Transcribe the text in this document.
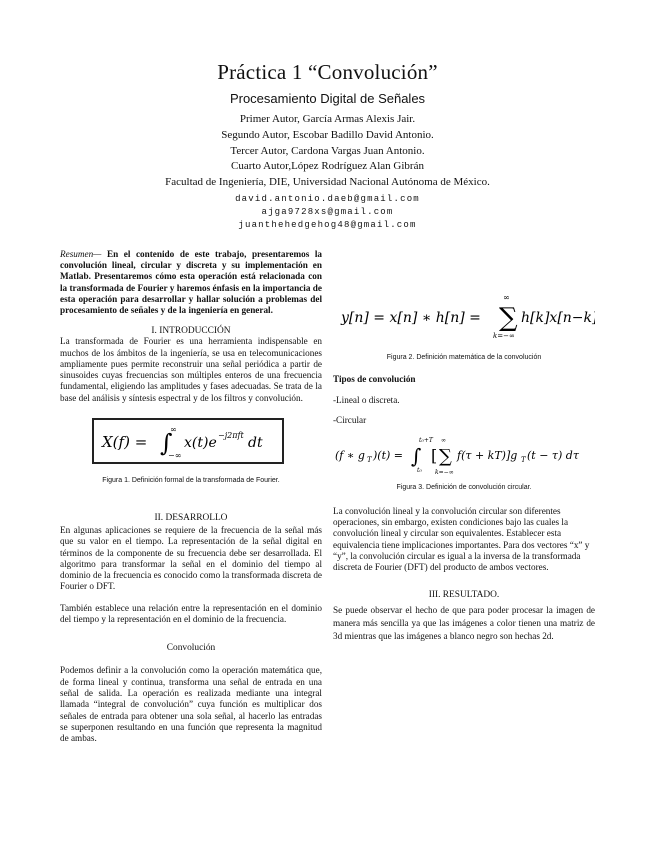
Práctica 1 “Convolución”
Procesamiento Digital de Señales
Primer Autor, García Armas Alexis Jair.
Segundo Autor, Escobar Badillo David Antonio.
Tercer Autor, Cardona Vargas Juan Antonio.
Cuarto Autor,López Rodríguez Alan Gibrán
Facultad de Ingeniería, DIE, Universidad Nacional Autónoma de México.
david.antonio.daeb@gmail.com
ajga9728xs@gmail.com
juanthehedgehog48@gmail.com
Resumen— En el contenido de este trabajo, presentaremos la convolución lineal, circular y discreta y su implementación en Matlab. Presentaremos cómo esta operación está relacionada con la transformada de Fourier y haremos énfasis en la importancia de esta operación para desarrollar y hallar solución a problemas del procesamiento de señales y de la ingeniería en general.
I. INTRODUCCIÓN

La transformada de Fourier es una herramienta indispensable en muchos de los ámbitos de la ingeniería, se usa en telecomunicaciones ampliamente pues permite reconstruir una señal periódica a partir de sinusoides cuyas frecuencias son múltiples enteros de una frecuencia fundamental, eligiendo las amplitudes y fases adecuadas. Se trata de la base del análisis y síntesis espectral y de los filtros y convolución.

X(f) = ∫
∞
−∞
x(t)e −j2πft dt
Figura 1. Definición formal de la transformada de Fourier.
II. DESARROLLO

En algunas aplicaciones se requiere de la frecuencia de la señal más que su valor en el tiempo. La representación de la señal digital en términos de la componente de su frecuencia debe ser desarrollada. El algoritmo para transformar la señal en el dominio del tiempo al dominio de la frecuencia es conocido como la transformada discreta de Fourier o DFT.

También establece una relación entre la representación en el dominio del tiempo y la representación en el dominio de la frecuencia.

Convolución

Podemos definir a la convolución como la operación matemática que, de forma lineal y continua, transforma una señal de entrada en una señal de salida. La operación es realizada mediante una integral llamada “integral de convolución” cuya función es multiplicar dos señales de entrada para obtener una sola señal, al hacerlo las entradas se superponen resultando en una función que representa la magnitud de ambas.

y[n] = x[n] ∗ h[n] = ∑
∞
k=−∞
h[k]x[n−k]
Figura 2. Definición matemática de la convolución
Tipos de convolución
-Lineal o discreta.
-Circular
(f ∗ g T )(t) = ∫
t₀+T
t₀
[ ∑
∞
k=−∞
f(τ + kT)]g T (t − τ) dτ
Figura 3. Definición de convolución circular.

La convolución lineal y la convolución circular son diferentes operaciones, sin embargo, existen condiciones bajo las cuales la convolución lineal y circular son equivalentes. Establecer esta equivalencia tiene implicaciones importantes. Para dos vectores “x” y “y”, la convolución circular es igual a la inversa de la transformada discreta de Fourier (DFT) del producto de ambos vectores.

III. RESULTADO.

Se puede observar el hecho de que para poder procesar la imagen de manera más sencilla ya que las imágenes a color tienen una matriz de 3d mientras que las imágenes a blanco negro son hechas 2d.
